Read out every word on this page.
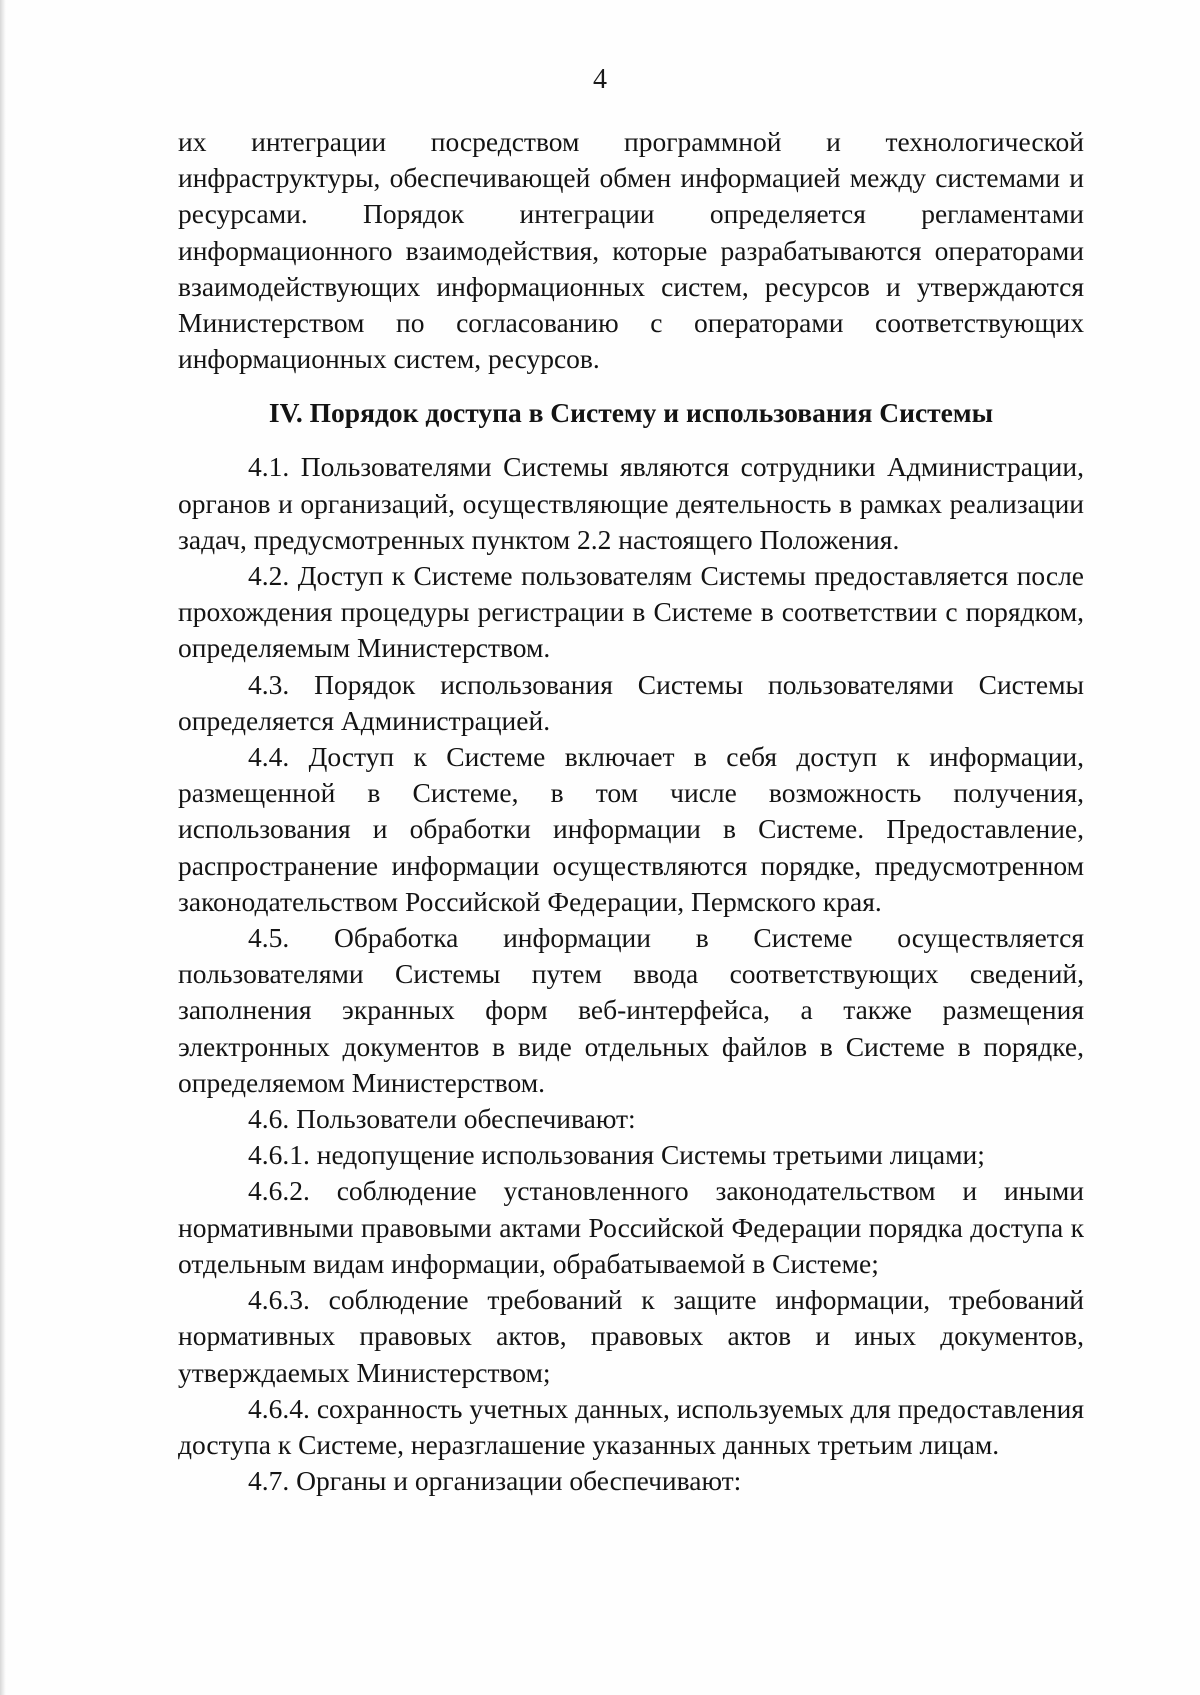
4

их интеграции посредством программной и технологической инфраструктуры, обеспечивающей обмен информацией между системами и ресурсами. Порядок интеграции определяется регламентами информационного взаимодействия, которые разрабатываются операторами взаимодействующих информационных систем, ресурсов и утверждаются Министерством по согласованию с операторами соответствующих информационных систем, ресурсов.

IV. Порядок доступа в Систему и использования Системы

4.1. Пользователями Системы являются сотрудники Администрации, органов и организаций, осуществляющие деятельность в рамках реализации задач, предусмотренных пунктом 2.2 настоящего Положения.

4.2. Доступ к Системе пользователям Системы предоставляется после прохождения процедуры регистрации в Системе в соответствии с порядком, определяемым Министерством.

4.3. Порядок использования Системы пользователями Системы определяется Администрацией.

4.4. Доступ к Системе включает в себя доступ к информации, размещенной в Системе, в том числе возможность получения, использования и обработки информации в Системе. Предоставление, распространение информации осуществляются порядке, предусмотренном законодательством Российской Федерации, Пермского края.

4.5. Обработка информации в Системе осуществляется пользователями Системы путем ввода соответствующих сведений, заполнения экранных форм веб-интерфейса, а также размещения электронных документов в виде отдельных файлов в Системе в порядке, определяемом Министерством.

4.6. Пользователи обеспечивают:

4.6.1. недопущение использования Системы третьими лицами;

4.6.2. соблюдение установленного законодательством и иными нормативными правовыми актами Российской Федерации порядка доступа к отдельным видам информации, обрабатываемой в Системе;

4.6.3. соблюдение требований к защите информации, требований нормативных правовых актов, правовых актов и иных документов, утверждаемых Министерством;

4.6.4. сохранность учетных данных, используемых для предоставления доступа к Системе, неразглашение указанных данных третьим лицам.

4.7. Органы и организации обеспечивают:
